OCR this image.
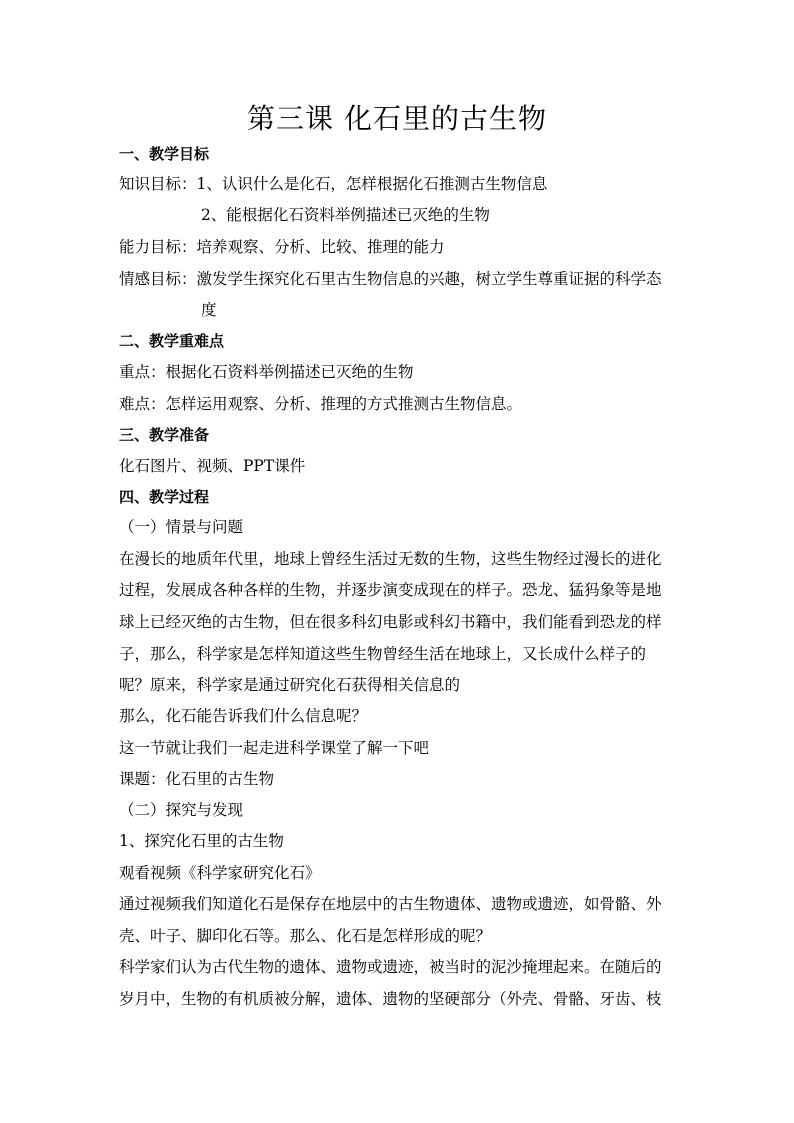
第三课 化石里的古生物
一、教学目标
知识目标：1、认识什么是化石，怎样根据化石推测古生物信息
2、能根据化石资料举例描述已灭绝的生物
能力目标：培养观察、分析、比较、推理的能力
情感目标：激发学生探究化石里古生物信息的兴趣，树立学生尊重证据的科学态
度
二、教学重难点
重点：根据化石资料举例描述已灭绝的生物
难点：怎样运用观察、分析、推理的方式推测古生物信息。
三、教学准备
化石图片、视频、PPT课件
四、教学过程
（一）情景与问题
在漫长的地质年代里，地球上曾经生活过无数的生物，这些生物经过漫长的进化
过程，发展成各种各样的生物，并逐步演变成现在的样子。恐龙、猛犸象等是地
球上已经灭绝的古生物，但在很多科幻电影或科幻书籍中，我们能看到恐龙的样
子，那么，科学家是怎样知道这些生物曾经生活在地球上，又长成什么样子的
呢？原来，科学家是通过研究化石获得相关信息的
那么，化石能告诉我们什么信息呢？
这一节就让我们一起走进科学课堂了解一下吧
课题：化石里的古生物
（二）探究与发现
1、探究化石里的古生物
观看视频《科学家研究化石》
通过视频我们知道化石是保存在地层中的古生物遗体、遗物或遗迹，如骨骼、外
壳、叶子、脚印化石等。那么、化石是怎样形成的呢？
科学家们认为古代生物的遗体、遗物或遗迹，被当时的泥沙掩埋起来。在随后的
岁月中，生物的有机质被分解，遗体、遗物的坚硬部分（外壳、骨骼、牙齿、枝
